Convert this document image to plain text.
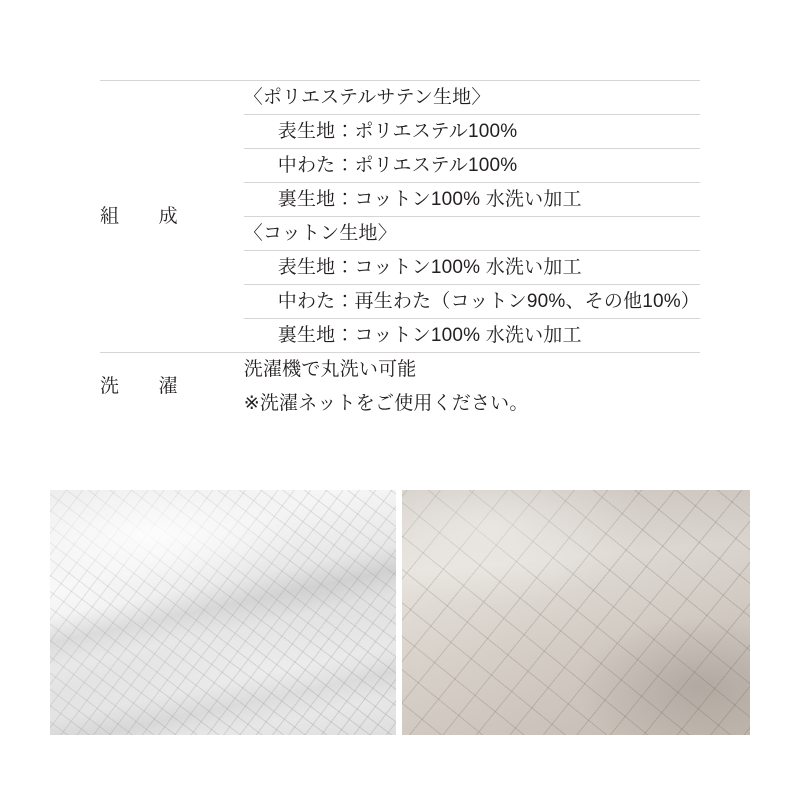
組 成	〈ポリエステルサテン生地〉
	表生地：ポリエステル100%
	中わた：ポリエステル100%
	裏生地：コットン100% 水洗い加工
	〈コットン生地〉
	表生地：コットン100% 水洗い加工
	中わた：再生わた（コットン90%、その他10%）
	裏生地：コットン100% 水洗い加工

洗 濯	洗濯機で丸洗い可能
	※洗濯ネットをご使用ください。
